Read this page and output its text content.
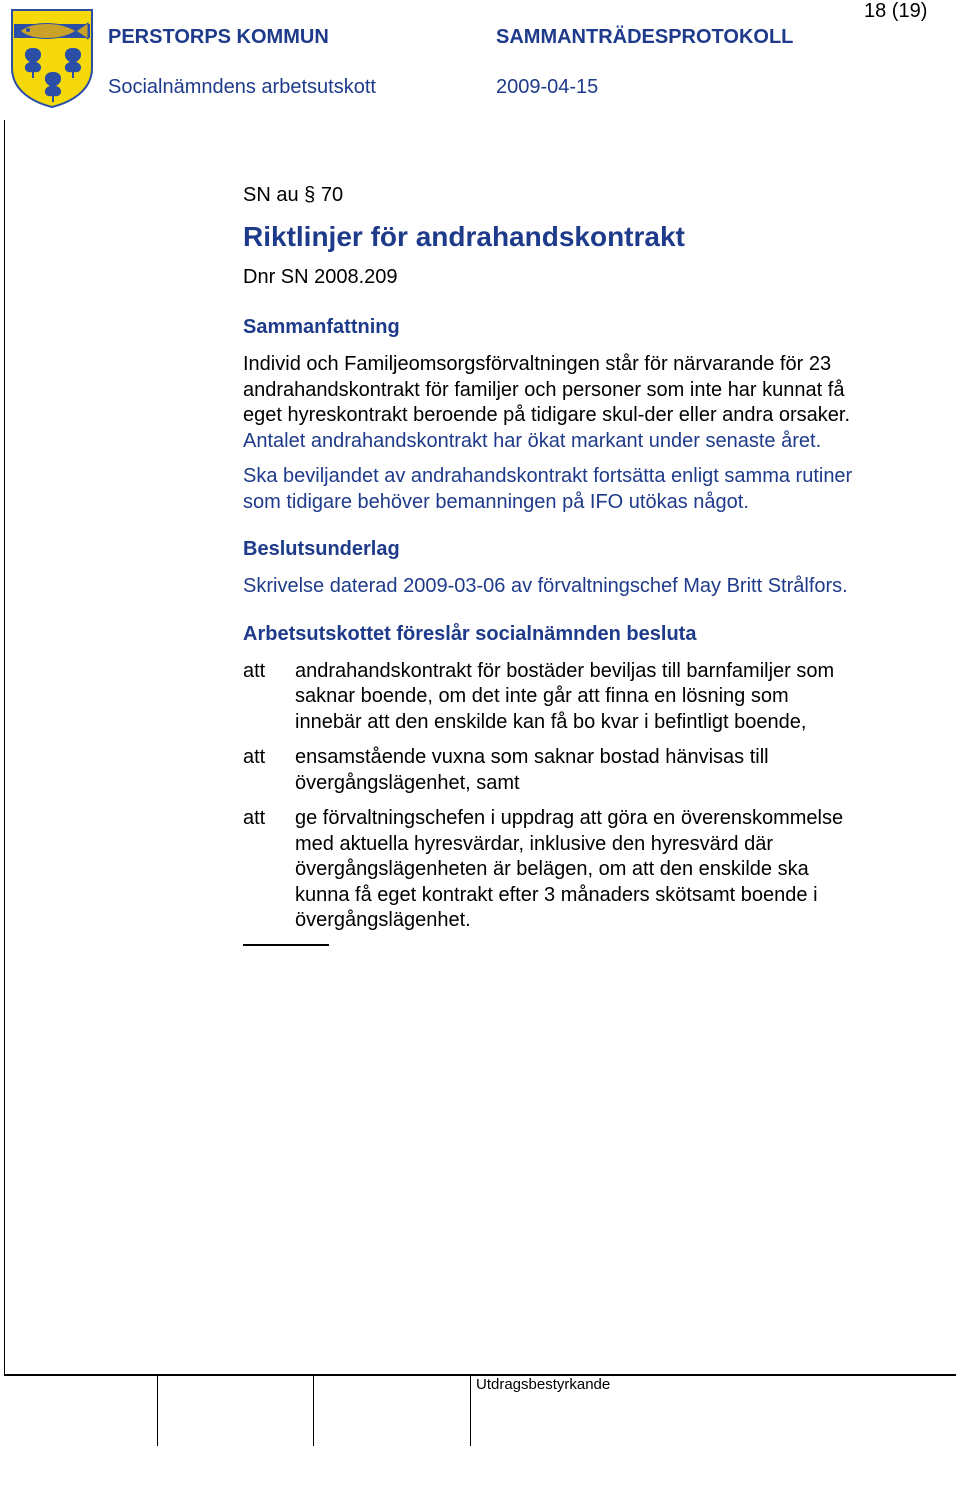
PERSTORPS KOMMUN	SAMMANTRÄDESPROTOKOLL
Socialnämndens arbetsutskott	2009-04-15
18 (19)
Utdragsbestyrkande

SN au § 70

Riktlinjer för andrahandskontrakt

Dnr SN 2008.209

Sammanfattning

Individ och Familjeomsorgsförvaltningen står för närvarande för 23 andrahandskontrakt för familjer och personer som inte har kunnat få eget hyreskontrakt beroende på tidigare skul-der eller andra orsaker. Antalet andrahandskontrakt har ökat markant under senaste året.

Ska beviljandet av andrahandskontrakt fortsätta enligt samma rutiner som tidigare behöver bemanningen på IFO utökas något.

Beslutsunderlag

Skrivelse daterad 2009-03-06 av förvaltningschef May Britt Strålfors.

Arbetsutskottet föreslår socialnämnden besluta

att	andrahandskontrakt för bostäder beviljas till barnfamiljer som saknar boende, om det inte går att finna en lösning som innebär att den enskilde kan få bo kvar i befintligt boende,
att	ensamstående vuxna som saknar bostad hänvisas till övergångslägenhet, samt
att	ge förvaltningschefen i uppdrag att göra en överenskommelse med aktuella hyresvärdar, inklusive den hyresvärd där övergångslägenheten är belägen, om att den enskilde ska kunna få eget kontrakt efter 3 månaders skötsamt boende i övergångslägenhet.
